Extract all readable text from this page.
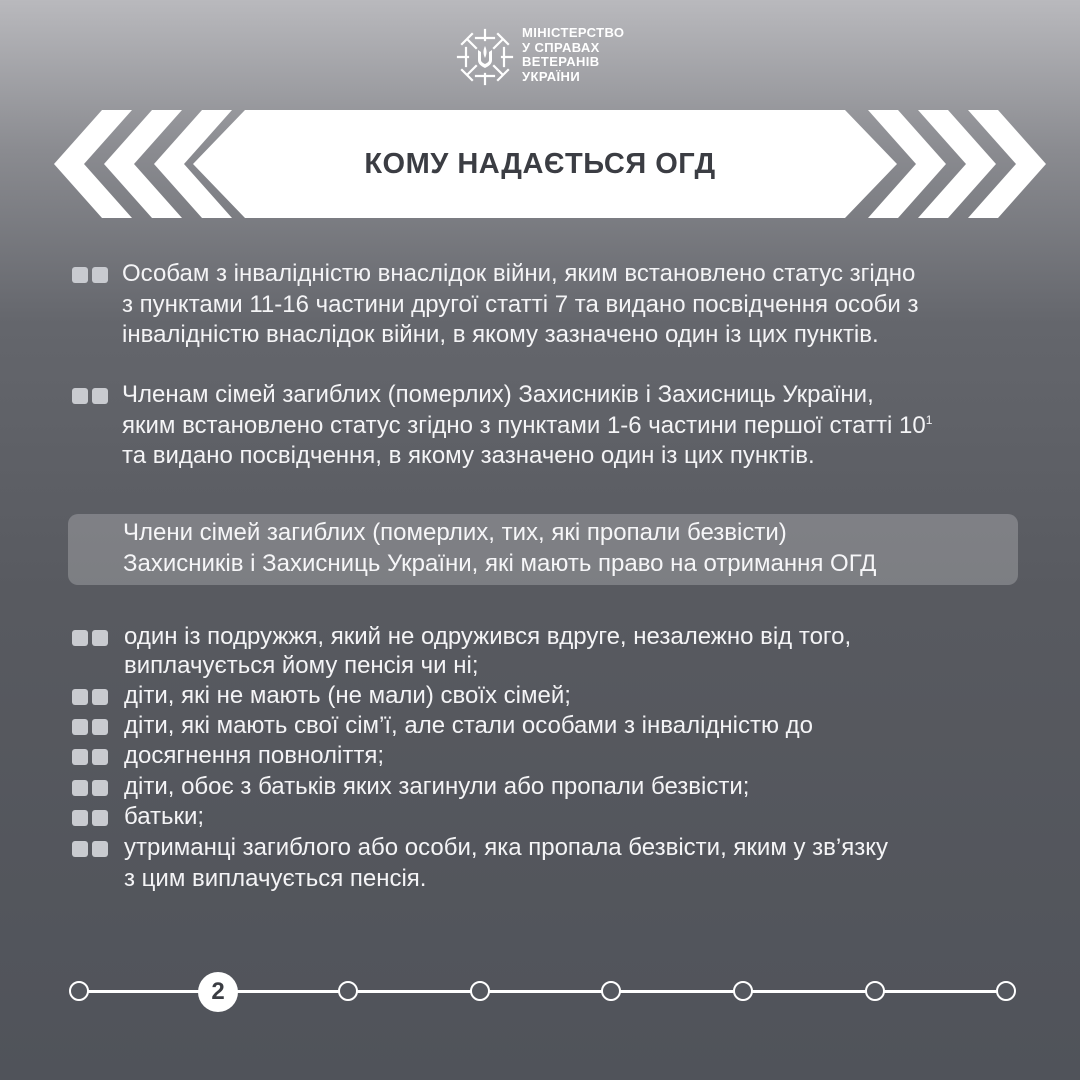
МІНІСТЕРСТВО
У СПРАВАХ
ВЕТЕРАНІВ
УКРАЇНИ
КОМУ НАДАЄТЬСЯ ОГД
Особам з інвалідністю внаслідок війни, яким встановлено статус згідно
з пунктами 11-16 частини другої статті 7 та видано посвідчення особи з
інвалідністю внаслідок війни, в якому зазначено один із цих пунктів.
Членам сімей загиблих (померлих) Захисників і Захисниць України,
яким встановлено статус згідно з пунктами 1-6 частини першої статті $10^1$
та видано посвідчення, в якому зазначено один із цих пунктів.
Члени сімей загиблих (померлих, тих, які пропали безвісти)
Захисників і Захисниць України, які мають право на отримання ОГД
один із подружжя, який не одружився вдруге, незалежно від того,
виплачується йому пенсія чи ні;
діти, які не мають (не мали) своїх сімей;
діти, які мають свої сім’ї, але стали особами з інвалідністю до
досягнення повноліття;
діти, обоє з батьків яких загинули або пропали безвісти;
батьки;
утриманці загиблого або особи, яка пропала безвісти, яким у зв’язку
з цим виплачується пенсія.
2
